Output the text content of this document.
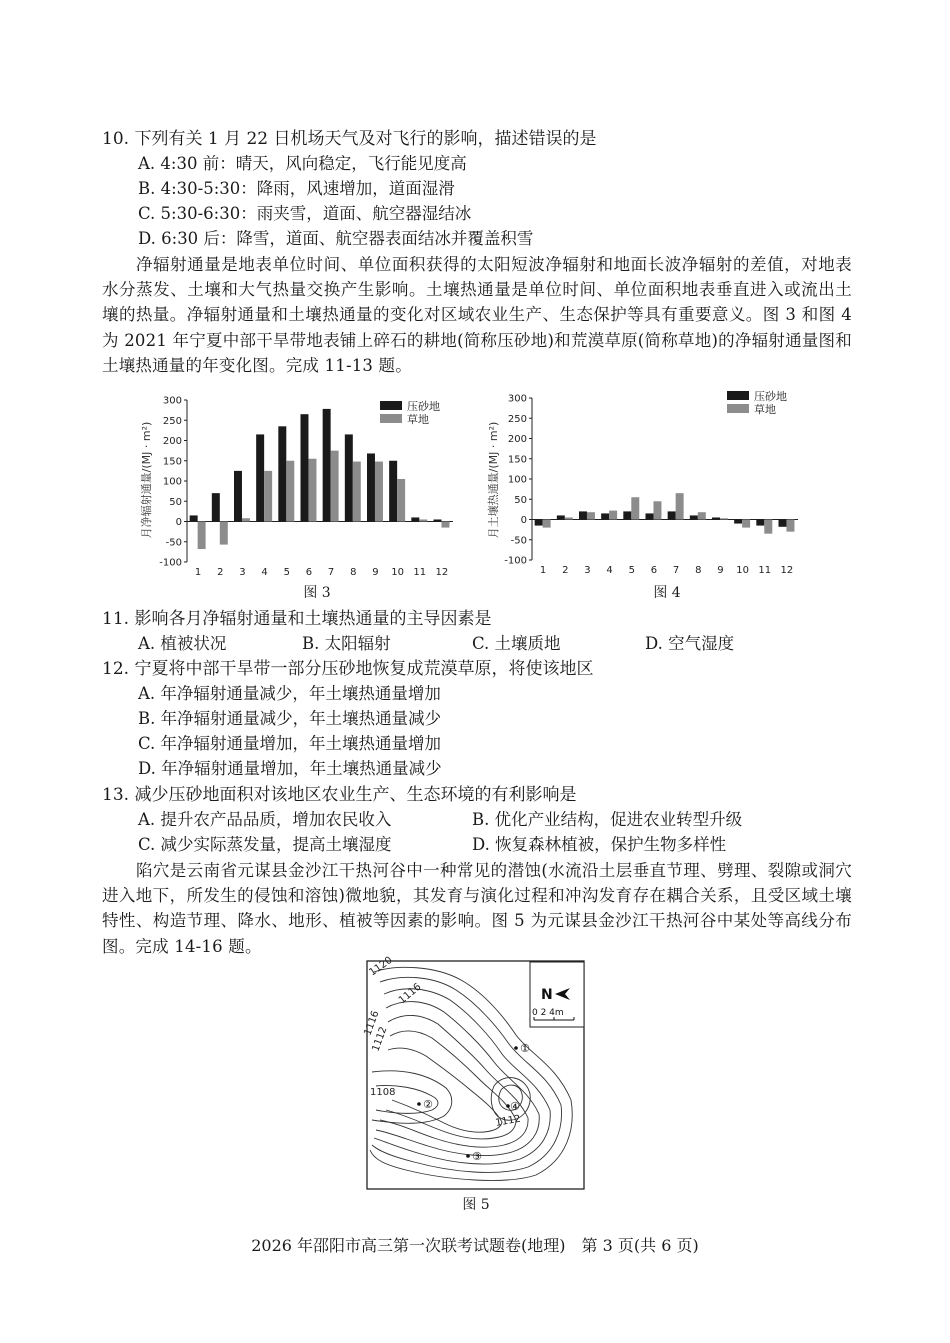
10. 下列有关 1 月 22 日机场天气及对飞行的影响，描述错误的是
A. 4:30 前：晴天，风向稳定，飞行能见度高
B. 4:30-5:30：降雨，风速增加，道面湿滑
C. 5:30-6:30：雨夹雪，道面、航空器湿结冰
D. 6:30 后：降雪，道面、航空器表面结冰并覆盖积雪
净辐射通量是地表单位时间、单位面积获得的太阳短波净辐射和地面长波净辐射的差值，对地表水分蒸发、土壤和大气热量交换产生影响。土壤热通量是单位时间、单位面积地表垂直进入或流出土壤的热量。净辐射通量和土壤热通量的变化对区域农业生产、生态保护等具有重要意义。图 3 和图 4 为 2021 年宁夏中部干旱带地表铺上碎石的耕地(简称压砂地)和荒漠草原(简称草地)的净辐射通量图和土壤热通量的年变化图。完成 11-13 题。
月净辐射通量/(MJ · m²)
-100
-50
0
50
100
150
200
250
300
1 2 3 4 5 6 7 8 9 10 11 12
压砂地
草地
图 3
月土壤热通量/(MJ · m²)
-100
-50
0
50
100
150
200
250
300
1 2 3 4 5 6 7 8 9 10 11 12
压砂地
草地
图 4
11. 影响各月净辐射通量和土壤热通量的主导因素是
A. 植被状况	B. 太阳辐射	C. 土壤质地	D. 空气湿度
12. 宁夏将中部干旱带一部分压砂地恢复成荒漠草原，将使该地区
A. 年净辐射通量减少，年土壤热通量增加
B. 年净辐射通量减少，年土壤热通量减少
C. 年净辐射通量增加，年土壤热通量增加
D. 年净辐射通量增加，年土壤热通量减少
13. 减少压砂地面积对该地区农业生产、生态环境的有利影响是
A. 提升农产品品质，增加农民收入	B. 优化产业结构，促进农业转型升级
C. 减少实际蒸发量，提高土壤湿度	D. 恢复森林植被，保护生物多样性
陷穴是云南省元谋县金沙江干热河谷中一种常见的潜蚀(水流沿土层垂直节理、劈理、裂隙或洞穴进入地下，所发生的侵蚀和溶蚀)微地貌，其发育与演化过程和冲沟发育存在耦合关系，且受区域土壤特性、构造节理、降水、地形、植被等因素的影响。图 5 为元谋县金沙江干热河谷中某处等高线分布图。完成 14-16 题。
1120
1116
1116
1112
1108
1112
①
②
③
④
N
0 2 4m
图 5
2026 年邵阳市高三第一次联考试题卷(地理)　第 3 页(共 6 页)
